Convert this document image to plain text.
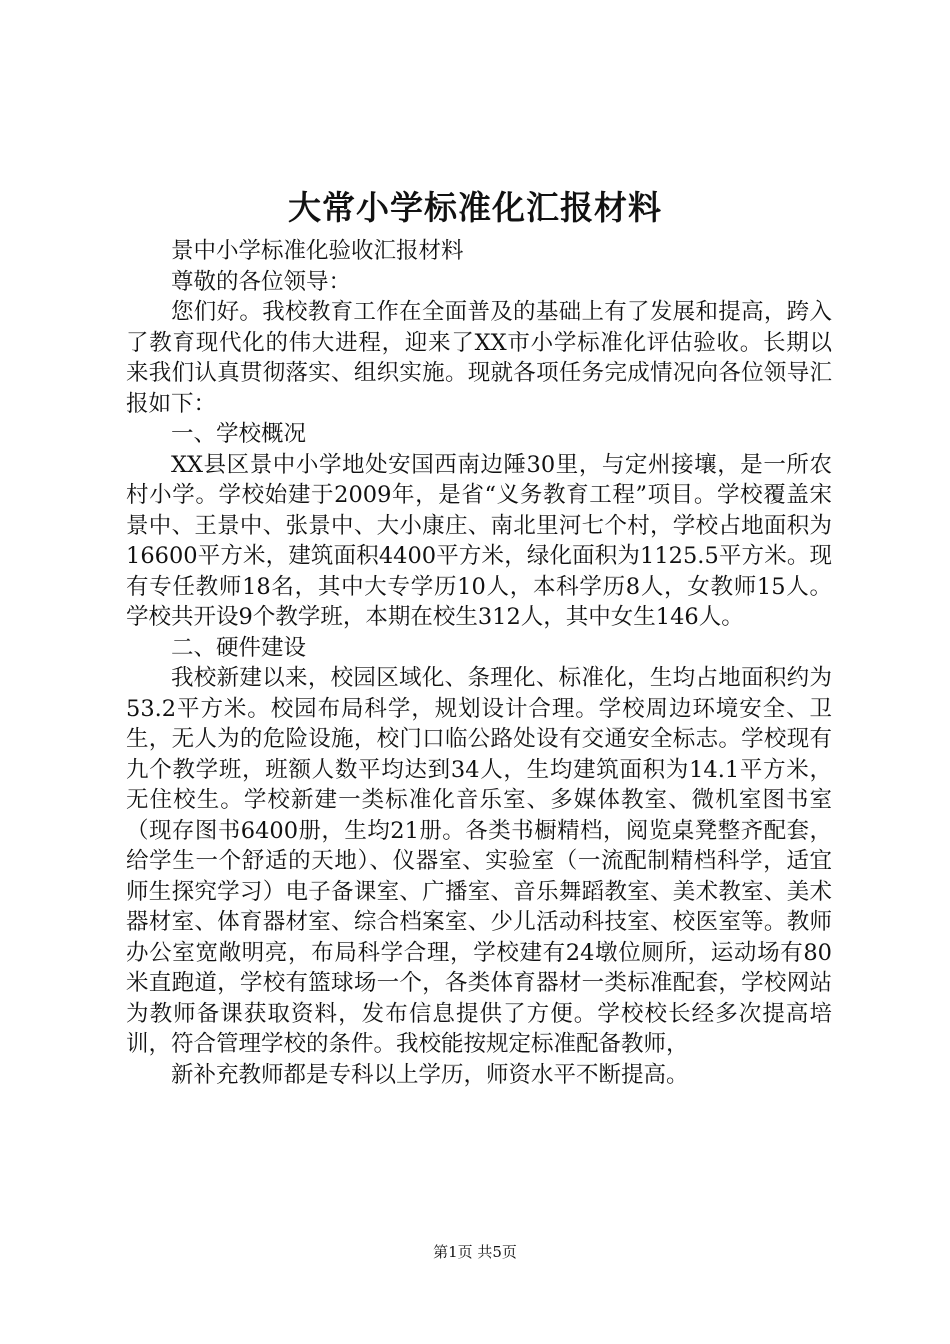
大常小学标准化汇报材料

景中小学标准化验收汇报材料

尊敬的各位领导：

您们好。我校教育工作在全面普及的基础上有了发展和提高，跨入了教育现代化的伟大进程，迎来了XX市小学标准化评估验收。长期以来我们认真贯彻落实、组织实施。现就各项任务完成情况向各位领导汇报如下：

一、学校概况

XX县区景中小学地处安国西南边陲30里，与定州接壤，是一所农村小学。学校始建于2009年，是省“义务教育工程”项目。学校覆盖宋景中、王景中、张景中、大小康庄、南北里河七个村，学校占地面积为16600平方米，建筑面积4400平方米，绿化面积为1125.5平方米。现有专任教师18名，其中大专学历10人，本科学历8人，女教师15人。学校共开设9个教学班，本期在校生312人，其中女生146人。

二、硬件建设

我校新建以来，校园区域化、条理化、标准化，生均占地面积约为53.2平方米。校园布局科学，规划设计合理。学校周边环境安全、卫生，无人为的危险设施，校门口临公路处设有交通安全标志。学校现有九个教学班，班额人数平均达到34人，生均建筑面积为14.1平方米，无住校生。学校新建一类标准化音乐室、多媒体教室、微机室图书室（现存图书6400册，生均21册。各类书橱精档，阅览桌凳整齐配套，给学生一个舒适的天地）、仪器室、实验室（一流配制精档科学，适宜师生探究学习）电子备课室、广播室、音乐舞蹈教室、美术教室、美术器材室、体育器材室、综合档案室、少儿活动科技室、校医室等。教师办公室宽敞明亮，布局科学合理，学校建有24墩位厕所，运动场有80米直跑道，学校有篮球场一个，各类体育器材一类标准配套，学校网站为教师备课获取资料，发布信息提供了方便。学校校长经多次提高培训，符合管理学校的条件。我校能按规定标准配备教师，

新补充教师都是专科以上学历，师资水平不断提高。

第1页 共5页
